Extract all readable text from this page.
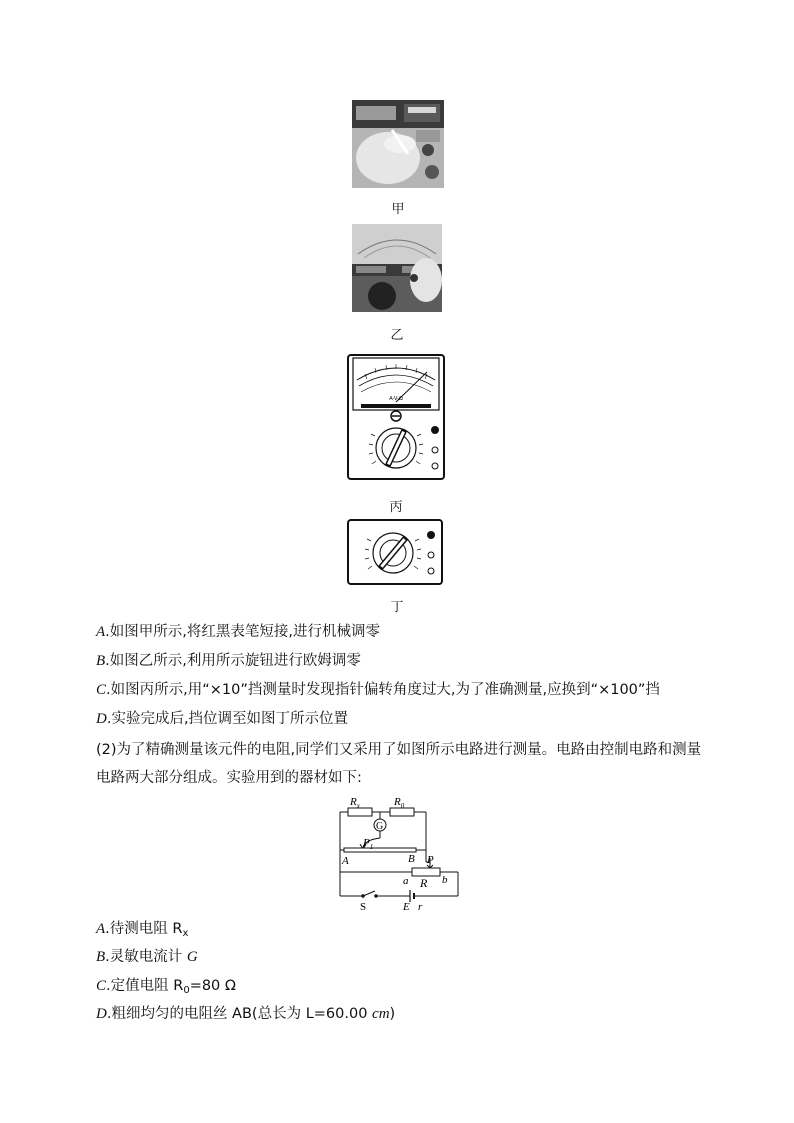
甲
乙
A-V-Ω
丙
丁
A.如图甲所示,将红黑表笔短接,进行机械调零
B.如图乙所示,利用所示旋钮进行欧姆调零
C.如图丙所示,用“×10”挡测量时发现指针偏转角度过大,为了准确测量,应换到“×100”挡
D.实验完成后,挡位调至如图丁所示位置
(2)为了精确测量该元件的电阻,同学们又采用了如图所示电路进行测量。电路由控制电路和测量电路两大部分组成。实验用到的器材如下:
$R_x$	$R_0$
G
$P_1$
A	B P
a R b
S	E r
A.待测电阻 $R_x$
B.灵敏电流计 G
C.定值电阻 $R_0=80$ Ω
D.粗细均匀的电阻丝 AB(总长为 L=60.00 cm)
